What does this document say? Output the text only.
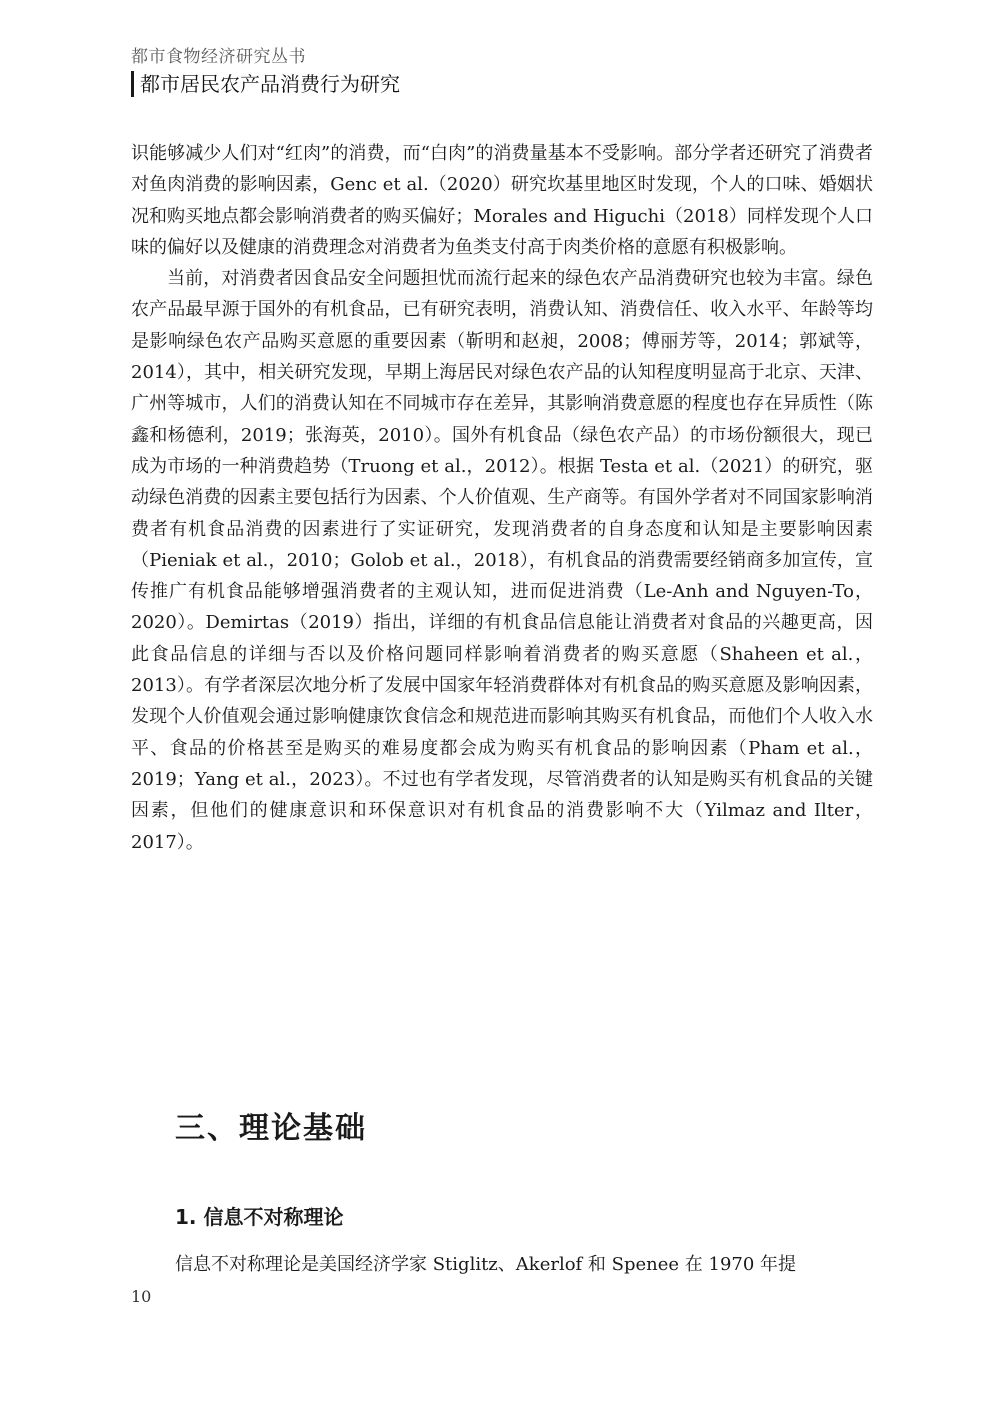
都市食物经济研究丛书
都市居民农产品消费行为研究

识能够减少人们对“红肉”的消费，而“白肉”的消费量基本不受影响。部分学者还研究了消费者对鱼肉消费的影响因素，Genc et al.（2020）研究坎基里地区时发现，个人的口味、婚姻状况和购买地点都会影响消费者的购买偏好；Morales and Higuchi（2018）同样发现个人口味的偏好以及健康的消费理念对消费者为鱼类支付高于肉类价格的意愿有积极影响。

当前，对消费者因食品安全问题担忧而流行起来的绿色农产品消费研究也较为丰富。绿色农产品最早源于国外的有机食品，已有研究表明，消费认知、消费信任、收入水平、年龄等均是影响绿色农产品购买意愿的重要因素（靳明和赵昶，2008；傅丽芳等，2014；郭斌等，2014），其中，相关研究发现，早期上海居民对绿色农产品的认知程度明显高于北京、天津、广州等城市，人们的消费认知在不同城市存在差异，其影响消费意愿的程度也存在异质性（陈鑫和杨德利，2019；张海英，2010）。国外有机食品（绿色农产品）的市场份额很大，现已成为市场的一种消费趋势（Truong et al.，2012）。根据 Testa et al.（2021）的研究，驱动绿色消费的因素主要包括行为因素、个人价值观、生产商等。有国外学者对不同国家影响消费者有机食品消费的因素进行了实证研究，发现消费者的自身态度和认知是主要影响因素（Pieniak et al.，2010；Golob et al.，2018），有机食品的消费需要经销商多加宣传，宣传推广有机食品能够增强消费者的主观认知，进而促进消费（Le-Anh and Nguyen-To，2020）。Demirtas（2019）指出，详细的有机食品信息能让消费者对食品的兴趣更高，因此食品信息的详细与否以及价格问题同样影响着消费者的购买意愿（Shaheen et al.，2013）。有学者深层次地分析了发展中国家年轻消费群体对有机食品的购买意愿及影响因素，发现个人价值观会通过影响健康饮食信念和规范进而影响其购买有机食品，而他们个人收入水平、食品的价格甚至是购买的难易度都会成为购买有机食品的影响因素（Pham et al.，2019；Yang et al.，2023）。不过也有学者发现，尽管消费者的认知是购买有机食品的关键因素，但他们的健康意识和环保意识对有机食品的消费影响不大（Yilmaz and Ilter，2017）。

三、理论基础
1. 信息不对称理论
信息不对称理论是美国经济学家 Stiglitz、Akerlof 和 Spenee 在 1970 年提
10
